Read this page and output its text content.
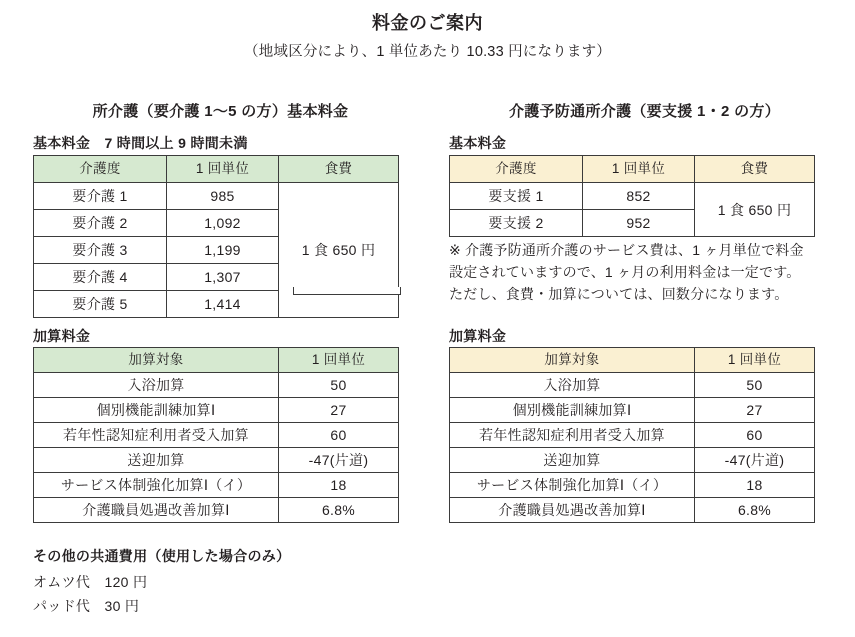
料金のご案内
（地域区分により、1 単位あたり 10.33 円になります）
所介護（要介護 1～5 の方）基本料金
基本料金　7 時間以上 9 時間未満
介護度	1 回単位	食費
要介護 1	985	1 食 650 円
要介護 2	1,092	
要介護 3	1,199	
要介護 4	1,307	
要介護 5	1,414	
加算料金
加算対象	1 回単位
入浴加算	50
個別機能訓練加算Ⅰ	27
若年性認知症利用者受入加算	60
送迎加算	-47(片道)
サービス体制強化加算Ⅰ（イ）	18
介護職員処遇改善加算Ⅰ	6.8%
介護予防通所介護（要支援 1・2 の方）
基本料金
介護度	1 回単位	食費
要支援 1	852	1 食 650 円
要支援 2	952	
※ 介護予防通所介護のサービス費は、1 ヶ月単位で料金
設定されていますので、1 ヶ月の利用料金は一定です。
ただし、食費・加算については、回数分になります。
加算料金
加算対象	1 回単位
入浴加算	50
個別機能訓練加算Ⅰ	27
若年性認知症利用者受入加算	60
送迎加算	-47(片道)
サービス体制強化加算Ⅰ（イ）	18
介護職員処遇改善加算Ⅰ	6.8%
その他の共通費用（使用した場合のみ）
オムツ代　120 円
パッド代　30 円
